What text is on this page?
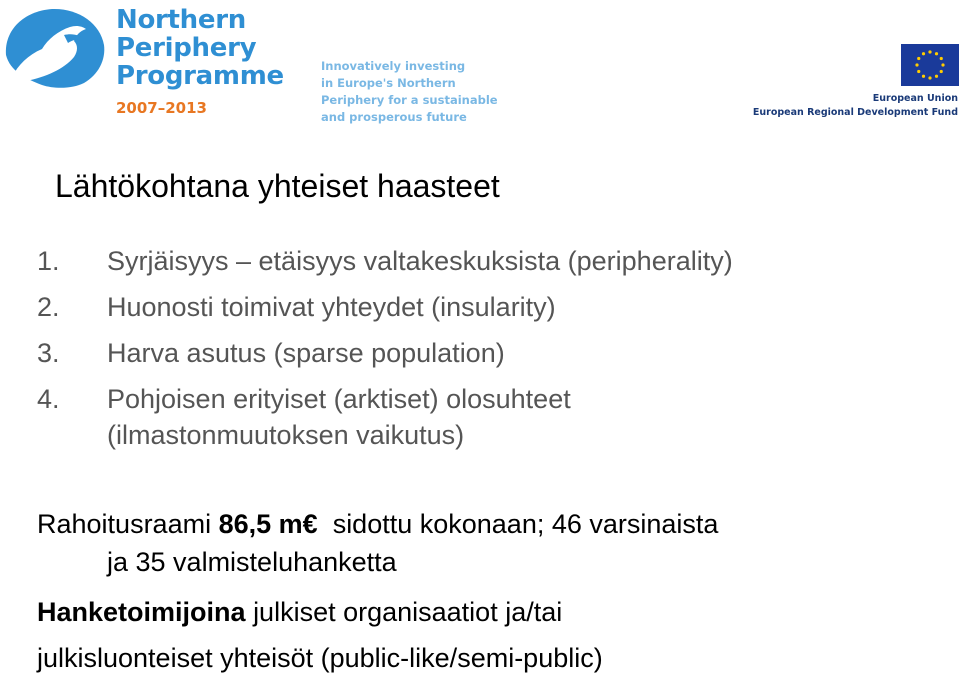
Northern
Periphery
Programme
2007–2013
Innovatively investing
in Europe's Northern
Periphery for a sustainable
and prosperous future
European Union
European Regional Development Fund
Lähtökohtana yhteiset haasteet
1. Syrjäisyys – etäisyys valtakeskuksista (peripherality)
2. Huonosti toimivat yhteydet (insularity)
3. Harva asutus (sparse population)
4. Pohjoisen erityiset (arktiset) olosuhteet (ilmastonmuutoksen vaikutus)
Rahoitusraami 86,5 m€ sidottu kokonaan; 46 varsinaista
ja 35 valmisteluhanketta
Hanketoimijoina julkiset organisaatiot ja/tai
julkisluonteiset yhteisöt (public-like/semi-public)
